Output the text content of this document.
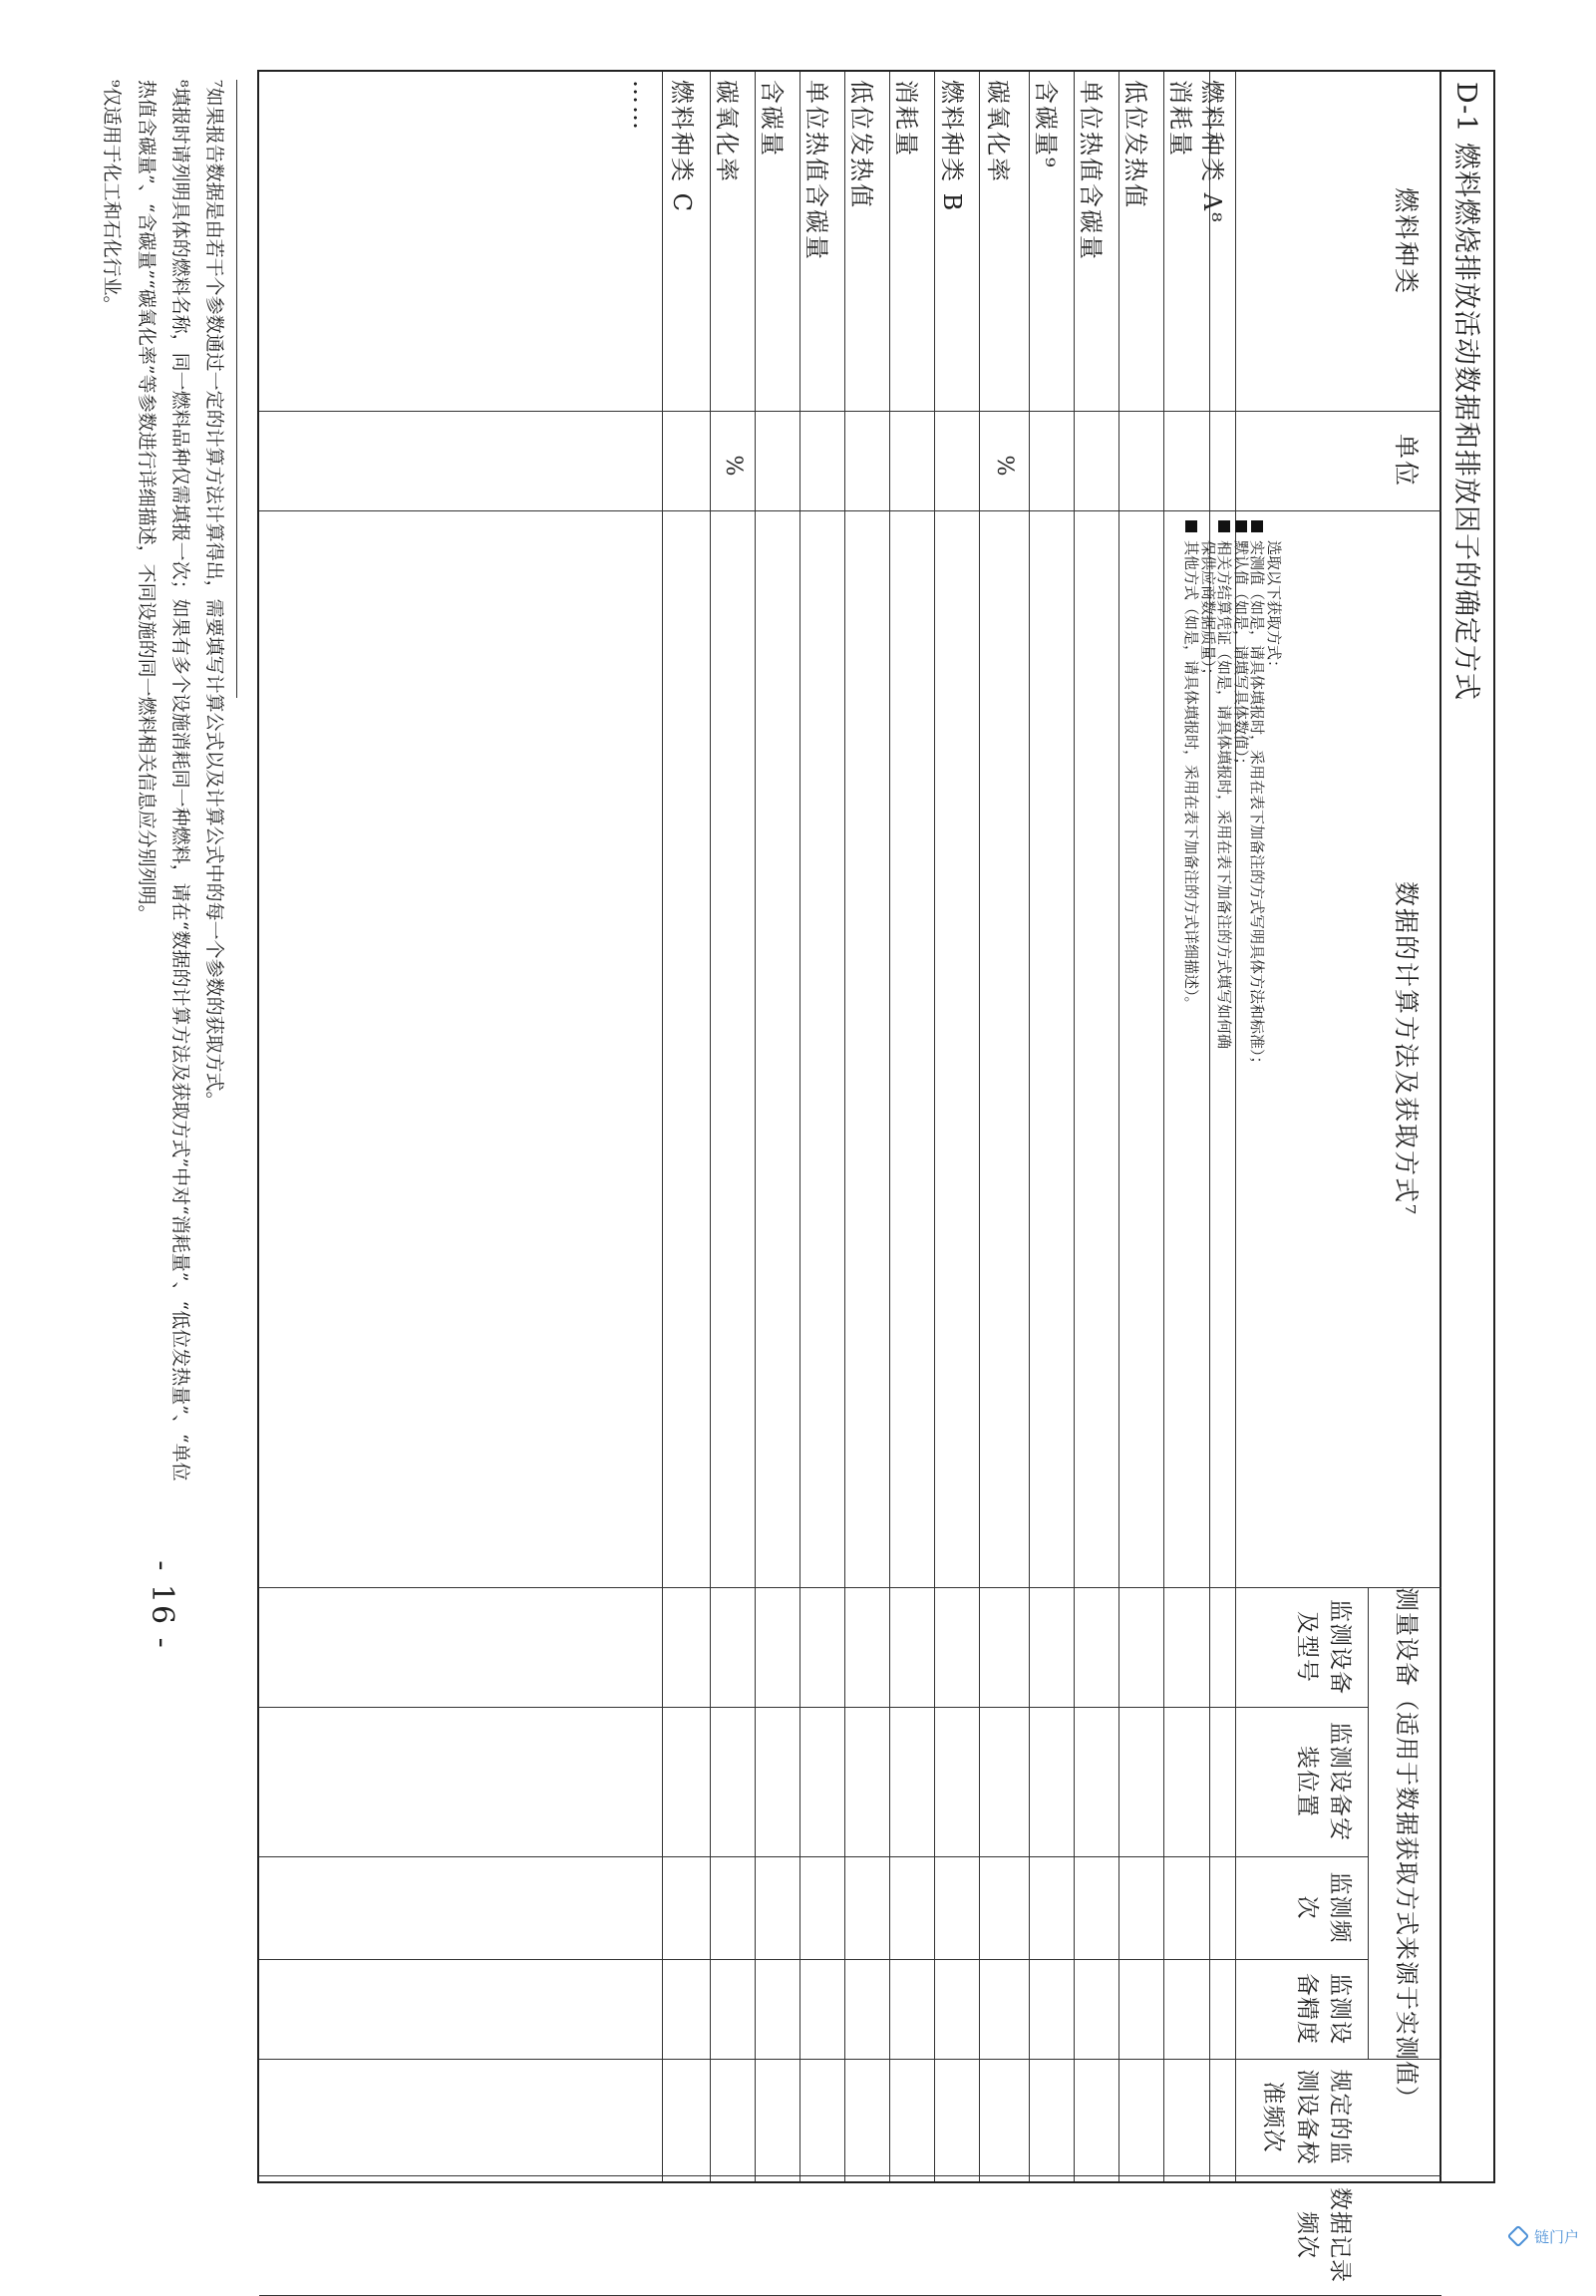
D-1 燃料燃烧排放活动数据和排放因子的确定方式
燃料种类
单位
数据的计算方法及获取方式⁷
测量设备（适用于数据获取方式来源于实测值）
监测设备及型号
监测设备安装位置
监测频次
监测设备精度
规定的监测设备校准频次
数据记录频次
选取以下获取方式：
实测值（如是，请具体填报时，采用在表下加备注的方式写明具体方法和标准）；
默认值（如是，请填写具体数值）；
相关方结算凭证（如是，请具体填报时，采用在表下加备注的方式填写如何确
保供应商数据质量）；
其他方式（如是，请具体填报时，采用在表下加备注的方式详细描述）。
燃料种类 A⁸
消耗量
低位发热值
单位热值含碳量
含碳量⁹
碳氧化率
%
燃料种类 B
消耗量
低位发热值
单位热值含碳量
含碳量
碳氧化率
%
燃料种类 C
……
⁷如果报告数据是由若干个参数通过一定的计算方法计算得出，需要填写计算公式以及计算公式中的每一个参数的获取方式。
⁸填报时请列明具体的燃料名称，同一燃料品种仅需填报一次；如果有多个设施消耗同一种燃料，请在“数据的计算方法及获取方式”中对“消耗量”、“低位发热量”、“单位
热值含碳量”、“含碳量”“碳氧化率”等参数进行详细描述，不同设施的同一燃料相关信息应分别列明。
⁹仅适用于化工和石化行业。
- 16 -
链门户
